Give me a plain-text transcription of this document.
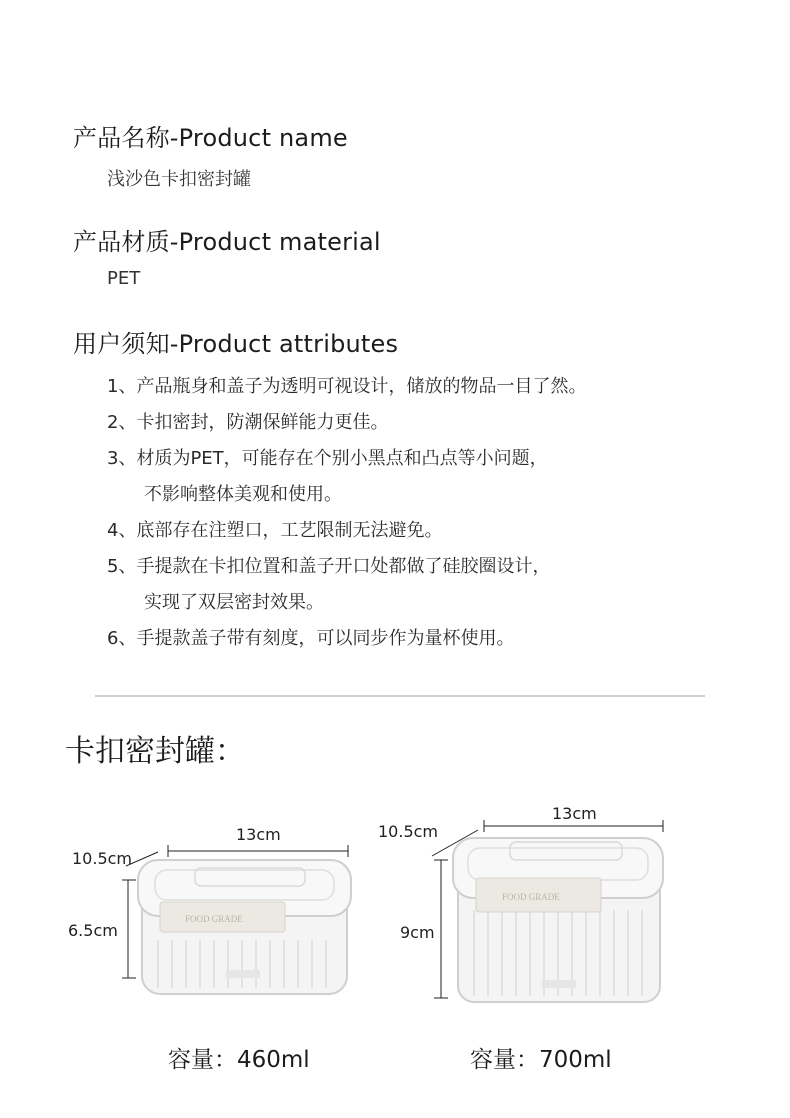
产品名称-Product name
浅沙色卡扣密封罐
产品材质-Product material
PET
用户须知-Product attributes
1、产品瓶身和盖子为透明可视设计，储放的物品一目了然。
2、卡扣密封，防潮保鲜能力更佳。
3、材质为PET，可能存在个别小黑点和凸点等小问题，
不影响整体美观和使用。
4、底部存在注塑口，工艺限制无法避免。
5、手提款在卡扣位置和盖子开口处都做了硅胶圈设计，
实现了双层密封效果。
6、手提款盖子带有刻度，可以同步作为量杯使用。
卡扣密封罐：
FOOD GRADE
13cm
10.5cm
6.5cm
容量：460ml
FOOD GRADE
13cm
10.5cm
9cm
容量：700ml
